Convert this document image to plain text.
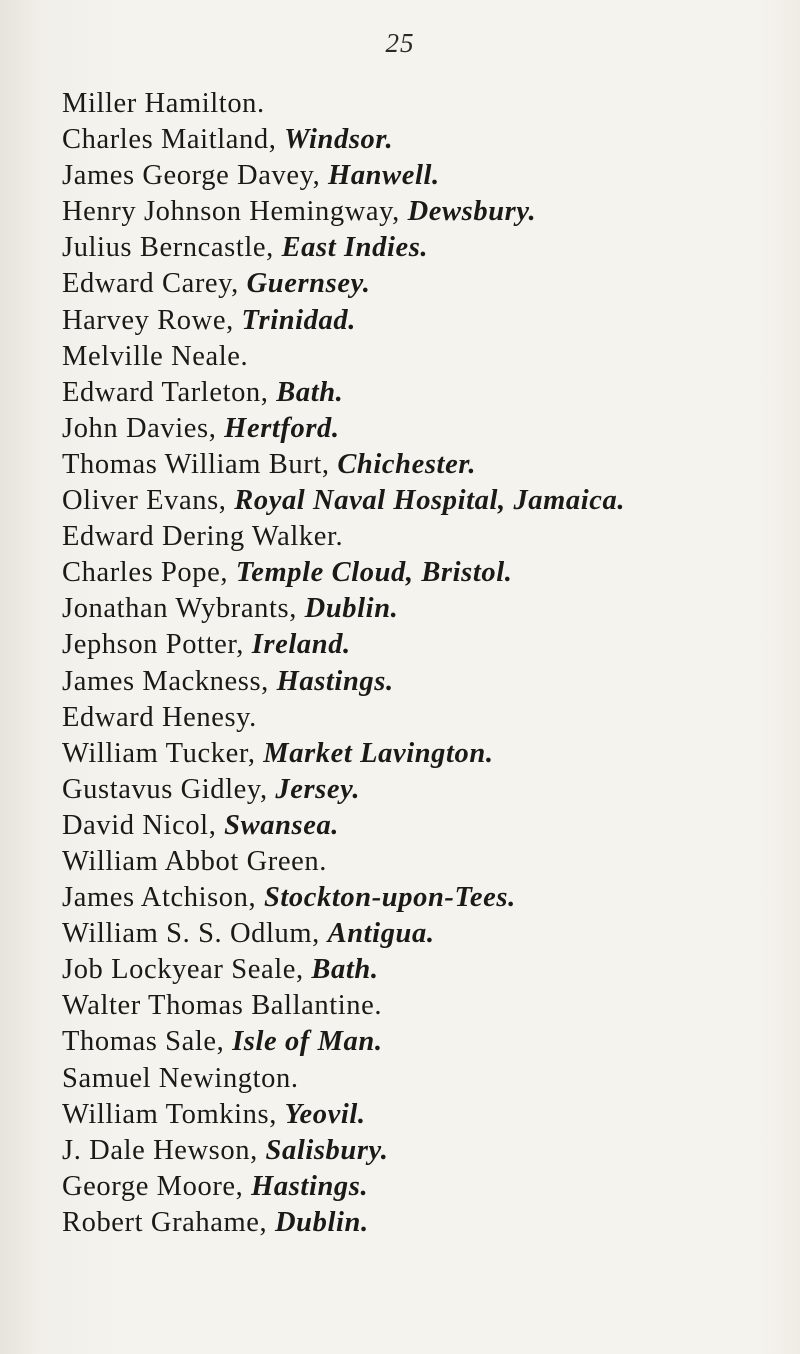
25
Miller Hamilton.
Charles Maitland, Windsor.
James George Davey, Hanwell.
Henry Johnson Hemingway, Dewsbury.
Julius Berncastle, East Indies.
Edward Carey, Guernsey.
Harvey Rowe, Trinidad.
Melville Neale.
Edward Tarleton, Bath.
John Davies, Hertford.
Thomas William Burt, Chichester.
Oliver Evans, Royal Naval Hospital, Jamaica.
Edward Dering Walker.
Charles Pope, Temple Cloud, Bristol.
Jonathan Wybrants, Dublin.
Jephson Potter, Ireland.
James Mackness, Hastings.
Edward Henesy.
William Tucker, Market Lavington.
Gustavus Gidley, Jersey.
David Nicol, Swansea.
William Abbot Green.
James Atchison, Stockton-upon-Tees.
William S. S. Odlum, Antigua.
Job Lockyear Seale, Bath.
Walter Thomas Ballantine.
Thomas Sale, Isle of Man.
Samuel Newington.
William Tomkins, Yeovil.
J. Dale Hewson, Salisbury.
George Moore, Hastings.
Robert Grahame, Dublin.
